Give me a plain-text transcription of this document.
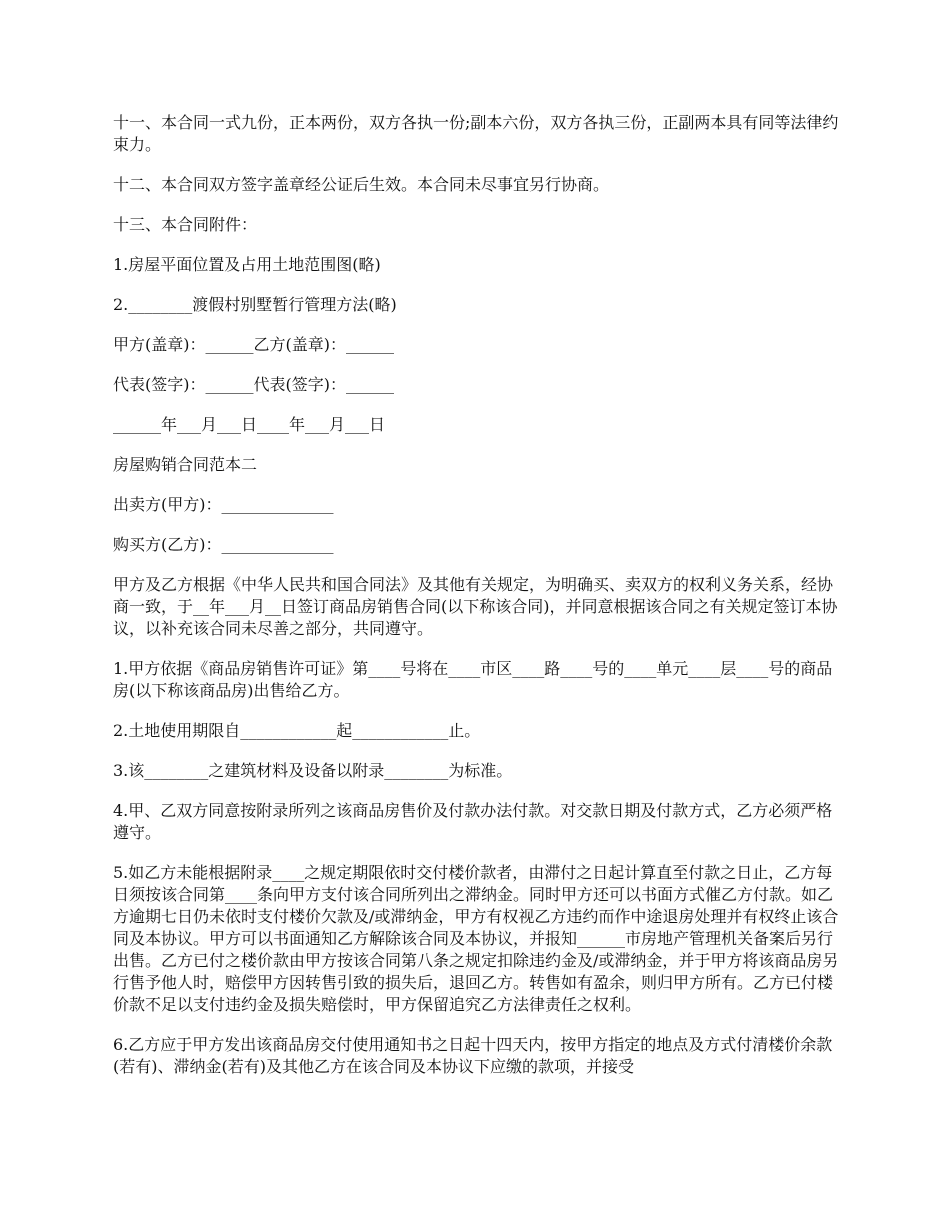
十一、本合同一式九份，正本两份，双方各执一份;副本六份，双方各执三份，正副两本具有同等法律约束力。

十二、本合同双方签字盖章经公证后生效。本合同未尽事宜另行协商。

十三、本合同附件：

1.房屋平面位置及占用土地范围图(略)

2.________渡假村别墅暂行管理方法(略)

甲方(盖章)：______乙方(盖章)：______

代表(签字)：______代表(签字)：______

______年___月___日____年___月___日

房屋购销合同范本二

出卖方(甲方)：______________

购买方(乙方)：______________

甲方及乙方根据《中华人民共和国合同法》及其他有关规定，为明确买、卖双方的权利义务关系，经协商一致，于__年___月__日签订商品房销售合同(以下称该合同)，并同意根据该合同之有关规定签订本协议，以补充该合同未尽善之部分，共同遵守。

1.甲方依据《商品房销售许可证》第____号将在____市区____路____号的____单元____层____号的商品房(以下称该商品房)出售给乙方。

2.土地使用期限自____________起____________止。

3.该________之建筑材料及设备以附录________为标准。

4.甲、乙双方同意按附录所列之该商品房售价及付款办法付款。对交款日期及付款方式，乙方必须严格遵守。

5.如乙方未能根据附录____之规定期限依时交付楼价款者，由滞付之日起计算直至付款之日止，乙方每日须按该合同第____条向甲方支付该合同所列出之滞纳金。同时甲方还可以书面方式催乙方付款。如乙方逾期七日仍未依时支付楼价欠款及/或滞纳金，甲方有权视乙方违约而作中途退房处理并有权终止该合同及本协议。甲方可以书面通知乙方解除该合同及本协议，并报知______市房地产管理机关备案后另行出售。乙方已付之楼价款由甲方按该合同第八条之规定扣除违约金及/或滞纳金，并于甲方将该商品房另行售予他人时，赔偿甲方因转售引致的损失后，退回乙方。转售如有盈余，则归甲方所有。乙方已付楼价款不足以支付违约金及损失赔偿时，甲方保留追究乙方法律责任之权利。

6.乙方应于甲方发出该商品房交付使用通知书之日起十四天内，按甲方指定的地点及方式付清楼价余款(若有)、滞纳金(若有)及其他乙方在该合同及本协议下应缴的款项，并接受
